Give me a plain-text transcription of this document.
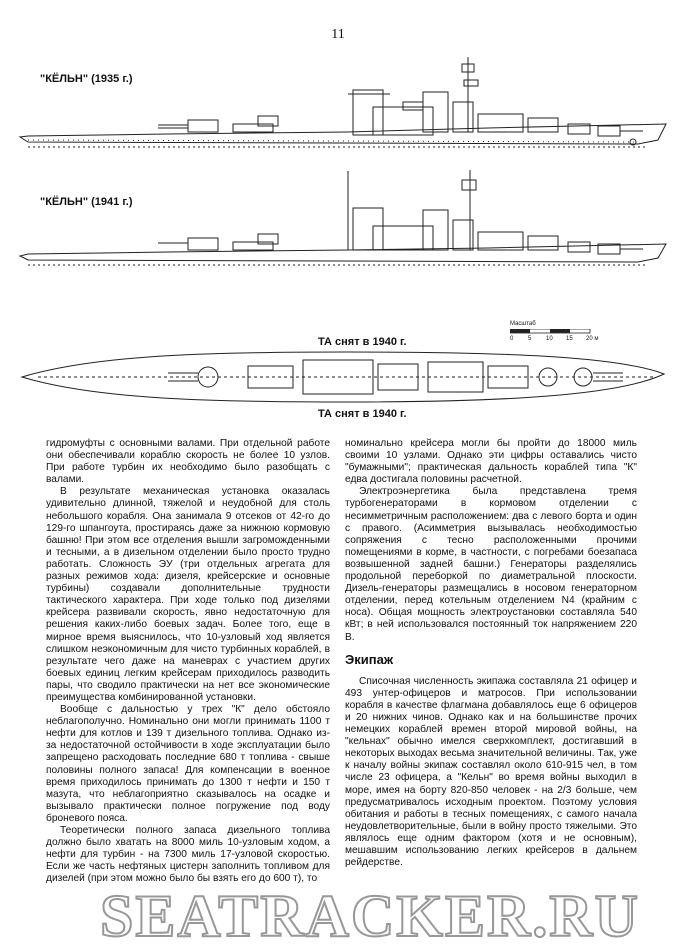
11
"КЁЛЬН" (1935 г.)
"КЁЛЬН" (1941 г.)
Масштаб
0 5 10 15 20 м
ТА снят в 1940 г.
ТА снят в 1940 г.

гидромуфты с основными валами. При отдельной работе они обеспечивали кораблю скорость не более 10 узлов. При работе турбин их необходимо было разобщать с валами.

В результате механическая установка оказалась удивительно длинной, тяжелой и неудобной для столь небольшого корабля. Она занимала 9 отсеков от 42-го до 129-го шпангоута, простираясь даже за нижнюю кормовую башню! При этом все отделения вышли загроможденными и тесными, а в дизельном отделении было просто трудно работать. Сложность ЭУ (три отдельных агрегата для разных режимов хода: дизеля, крейсерские и основные турбины) создавали дополнительные трудности тактического характера. При ходе только под дизелями крейсера развивали скорость, явно недостаточную для решения каких-либо боевых задач. Более того, еще в мирное время выяснилось, что 10-узловый ход является слишком неэкономичным для чисто турбинных кораблей, в результате чего даже на маневрах с участием других боевых единиц легким крейсерам приходилось разводить пары, что сводило практически на нет все экономические преимущества комбинированной установки.

Вообще с дальностью у трех "К" дело обстояло неблагополучно. Номинально они могли принимать 1100 т нефти для котлов и 139 т дизельного топлива. Однако из-за недостаточной остойчивости в ходе эксплуатации было запрещено расходовать последние 680 т топлива - свыше половины полного запаса! Для компенсации в военное время приходилось принимать до 1300 т нефти и 150 т мазута, что неблагоприятно сказывалось на осадке и вызывало практически полное погружение под воду броневого пояса.

Теоретически полного запаса дизельного топлива должно было хватать на 8000 миль 10-узловым ходом, а нефти для турбин - на 7300 миль 17-узловой скоростью. Если же часть нефтяных цистерн заполнить топливом для дизелей (при этом можно было бы взять его до 600 т), то

номинально крейсера могли бы пройти до 18000 миль своими 10 узлами. Однако эти цифры оставались чисто "бумажными"; практическая дальность кораблей типа "К" едва достигала половины расчетной.

Электроэнергетика была представлена тремя турбогенераторами в кормовом отделении с несимметричным расположением: два с левого борта и один с правого. (Асимметрия вызывалась необходимостью сопряжения с тесно расположенными прочими помещениями в корме, в частности, с погребами боезапаса возвышенной задней башни.) Генераторы разделялись продольной переборкой по диаметральной плоскости. Дизель-генераторы размещались в носовом генераторном отделении, перед котельным отделением N4 (крайним с носа). Общая мощность электроустановки составляла 540 кВт; в ней использовался постоянный ток напряжением 220 В.

Экипаж

Списочная численность экипажа составляла 21 офицер и 493 унтер-офицеров и матросов. При использовании корабля в качестве флагмана добавлялось еще 6 офицеров и 20 нижних чинов. Однако как и на большинстве прочих немецких кораблей времен второй мировой войны, на "кельнах" обычно имелся сверхкомплект, достигавший в некоторых выходах весьма значительной величины. Так, уже к началу войны экипаж составлял около 610-915 чел, в том числе 23 офицера, а "Кельн" во время войны выходил в море, имея на борту 820-850 человек - на 2/3 больше, чем предусматривалось исходным проектом. Поэтому условия обитания и работы в тесных помещениях, с самого начала неудовлетворительные, были в войну просто тяжелыми. Это являлось еще одним фактором (хотя и не основным), мешавшим использованию легких крейсеров в дальнем рейдерстве.

SEATRACKER.RU
